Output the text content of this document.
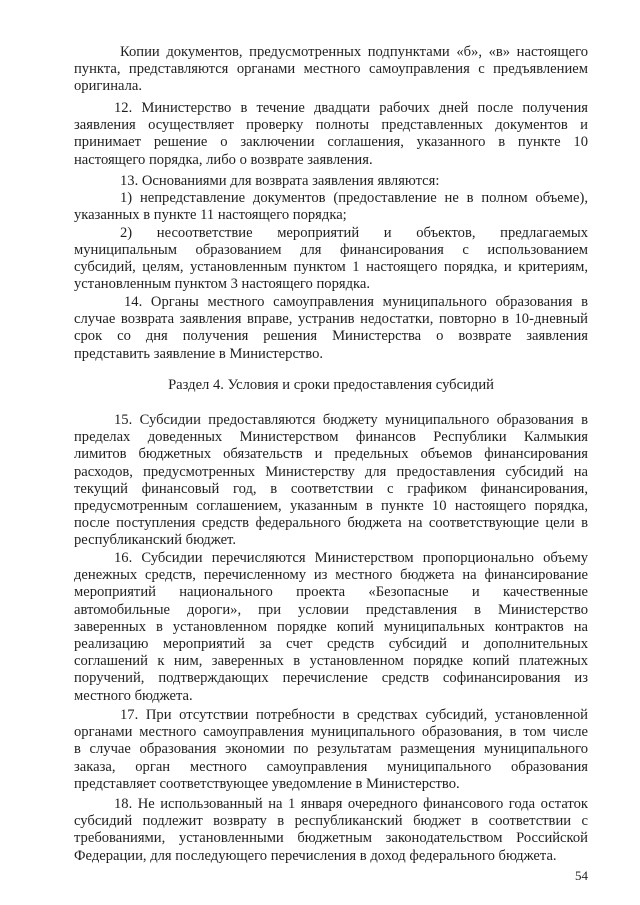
Копии документов, предусмотренных подпунктами «б», «в» настоящего
пункта, представляются органами местного самоуправления с предъявлением
оригинала.
12. Министерство в течение двадцати рабочих дней после получения
заявления осуществляет проверку полноты представленных документов и
принимает решение о заключении соглашения, указанного в пункте 10
настоящего порядка, либо о возврате заявления.
13. Основаниями для возврата заявления являются:
1) непредставление документов (предоставление не в полном объеме),
указанных в пункте 11 настоящего порядка;
2) несоответствие мероприятий и объектов, предлагаемых
муниципальным образованием для финансирования с использованием
субсидий, целям, установленным пунктом 1 настоящего порядка, и критериям,
установленным пунктом 3 настоящего порядка.
14. Органы местного самоуправления муниципального образования в
случае возврата заявления вправе, устранив недостатки, повторно в 10-дневный
срок со дня получения решения Министерства о возврате заявления
представить заявление в Министерство.
15. Субсидии предоставляются бюджету муниципального образования в
пределах доведенных Министерством финансов Республики Калмыкия
лимитов бюджетных обязательств и предельных объемов финансирования
расходов, предусмотренных Министерству для предоставления субсидий на
текущий финансовый год, в соответствии с графиком финансирования,
предусмотренным соглашением, указанным в пункте 10 настоящего порядка,
после поступления средств федерального бюджета на соответствующие цели в
республиканский бюджет.
16. Субсидии перечисляются Министерством пропорционально объему
денежных средств, перечисленному из местного бюджета на финансирование
мероприятий национального проекта «Безопасные и качественные
автомобильные дороги», при условии представления в Министерство
заверенных в установленном порядке копий муниципальных контрактов на
реализацию мероприятий за счет средств субсидий и дополнительных
соглашений к ним, заверенных в установленном порядке копий платежных
поручений, подтверждающих перечисление средств софинансирования из
местного бюджета.
17. При отсутствии потребности в средствах субсидий, установленной
органами местного самоуправления муниципального образования, в том числе
в случае образования экономии по результатам размещения муниципального
заказа, орган местного самоуправления муниципального образования
представляет соответствующее уведомление в Министерство.
18. Не использованный на 1 января очередного финансового года остаток
субсидий подлежит возврату в республиканский бюджет в соответствии с
требованиями, установленными бюджетным законодательством Российской
Федерации, для последующего перечисления в доход федерального бюджета.

Раздел 4. Условия и сроки предоставления субсидий

54
